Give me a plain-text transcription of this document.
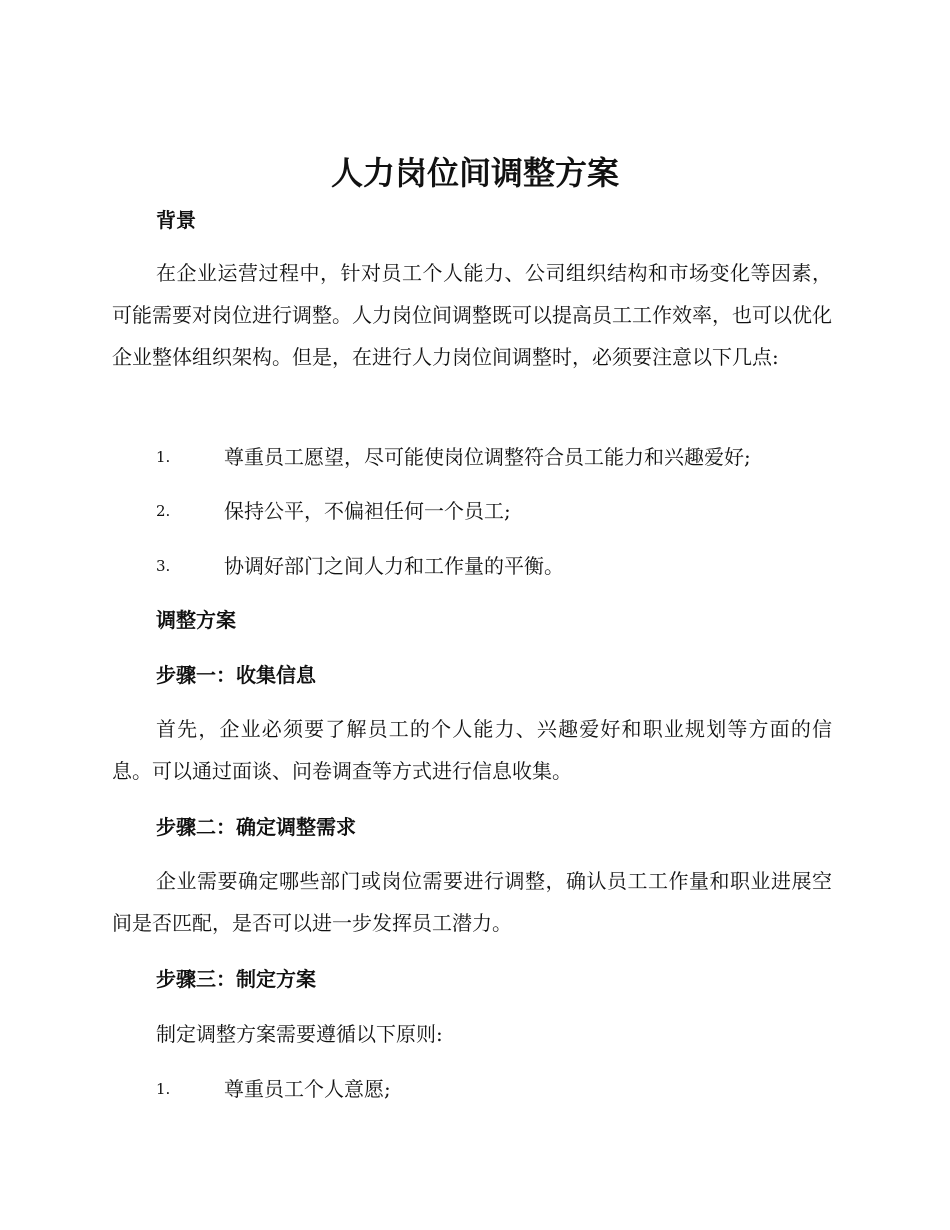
人力岗位间调整方案
背景

在企业运营过程中，针对员工个人能力、公司组织结构和市场变化等因素，可能需要对岗位进行调整。人力岗位间调整既可以提高员工工作效率，也可以优化企业整体组织架构。但是，在进行人力岗位间调整时，必须要注意以下几点:

1.	尊重员工愿望，尽可能使岗位调整符合员工能力和兴趣爱好;
2.	保持公平，不偏袒任何一个员工;
3.	协调好部门之间人力和工作量的平衡。
调整方案
步骤一：收集信息

首先，企业必须要了解员工的个人能力、兴趣爱好和职业规划等方面的信息。可以通过面谈、问卷调查等方式进行信息收集。

步骤二：确定调整需求

企业需要确定哪些部门或岗位需要进行调整，确认员工工作量和职业进展空间是否匹配，是否可以进一步发挥员工潜力。

步骤三：制定方案

制定调整方案需要遵循以下原则:

1.	尊重员工个人意愿;
